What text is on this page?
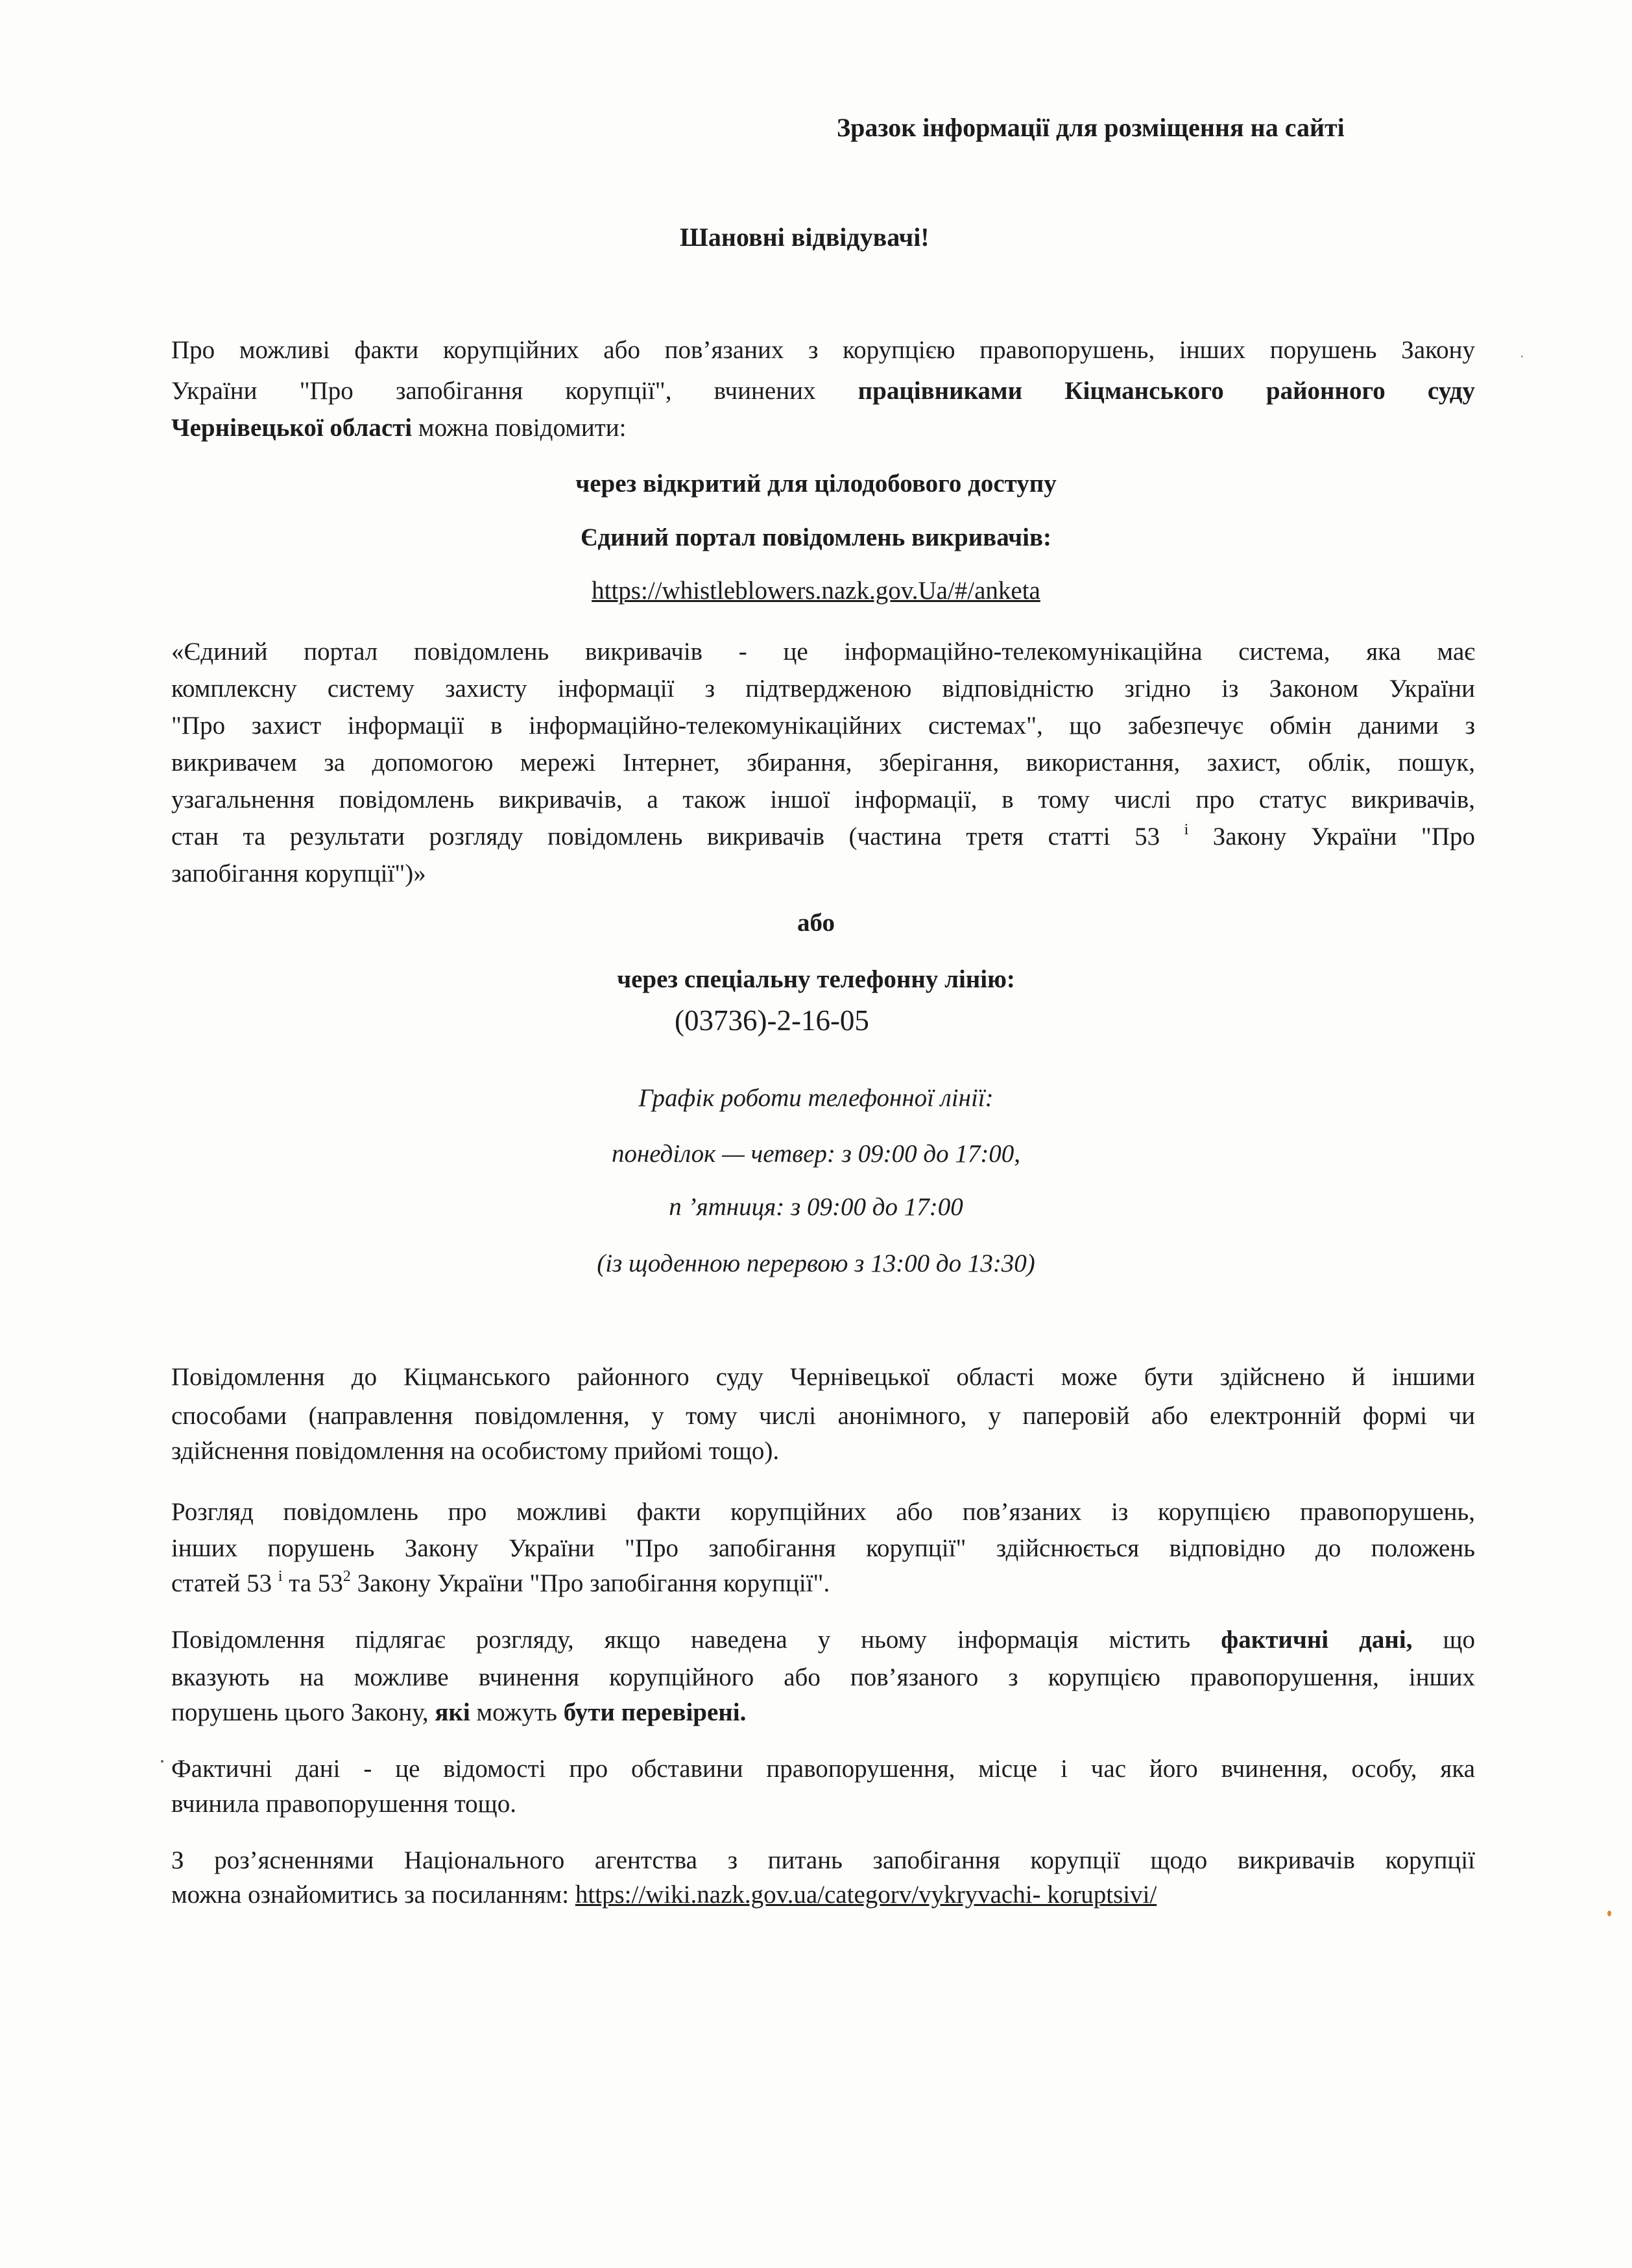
Зразок інформації для розміщення на сайті
Шановні відвідувачі!
Про можливі факти корупційних або пов’язаних з корупцією правопорушень, інших порушень Закону
України "Про запобігання корупції", вчинених працівниками Кіцманського районного суду
Чернівецької області можна повідомити:
через відкритий для цілодобового доступу
Єдиний портал повідомлень викривачів:
https://whistleblowers.nazk.gov.Ua/#/anketa
«Єдиний портал повідомлень викривачів - це інформаційно-телекомунікаційна система, яка має
комплексну систему захисту інформації з підтвердженою відповідністю згідно із Законом України
"Про захист інформації в інформаційно-телекомунікаційних системах", що забезпечує обмін даними з
викривачем за допомогою мережі Інтернет, збирання, зберігання, використання, захист, облік, пошук,
узагальнення повідомлень викривачів, а також іншої інформації, в тому числі про статус викривачів,
стан та результати розгляду повідомлень викривачів (частина третя статті 53 $^i$ Закону України "Про
запобігання корупції")»
або
через спеціальну телефонну лінію:
(03736)-2-16-05
Графік роботи телефонної лінії:
понеділок — четвер: з 09:00 до 17:00,
п ’ятниця: з 09:00 до 17:00
(із щоденною перервою з 13:00 до 13:30)
Повідомлення до Кіцманського районного суду Чернівецької області може бути здійснено й іншими
способами (направлення повідомлення, у тому числі анонімного, у паперовій або електронній формі чи
здійснення повідомлення на особистому прийомі тощо).
Розгляд повідомлень про можливі факти корупційних або пов’язаних із корупцією правопорушень,
інших порушень Закону України "Про запобігання корупції" здійснюється відповідно до положень
статей 53 $^i$ та $53^2$ Закону України "Про запобігання корупції".
Повідомлення підлягає розгляду, якщо наведена у ньому інформація містить фактичні дані, що
вказують на можливе вчинення корупційного або пов’язаного з корупцією правопорушення, інших
порушень цього Закону, які можуть бути перевірені.
Фактичні дані - це відомості про обставини правопорушення, місце і час його вчинення, особу, яка
вчинила правопорушення тощо.
З роз’ясненнями Національного агентства з питань запобігання корупції щодо викривачів корупції
можна ознайомитись за посиланням: https://wiki.nazk.gov.ua/categorv/vykryvachi- koruptsivi/
